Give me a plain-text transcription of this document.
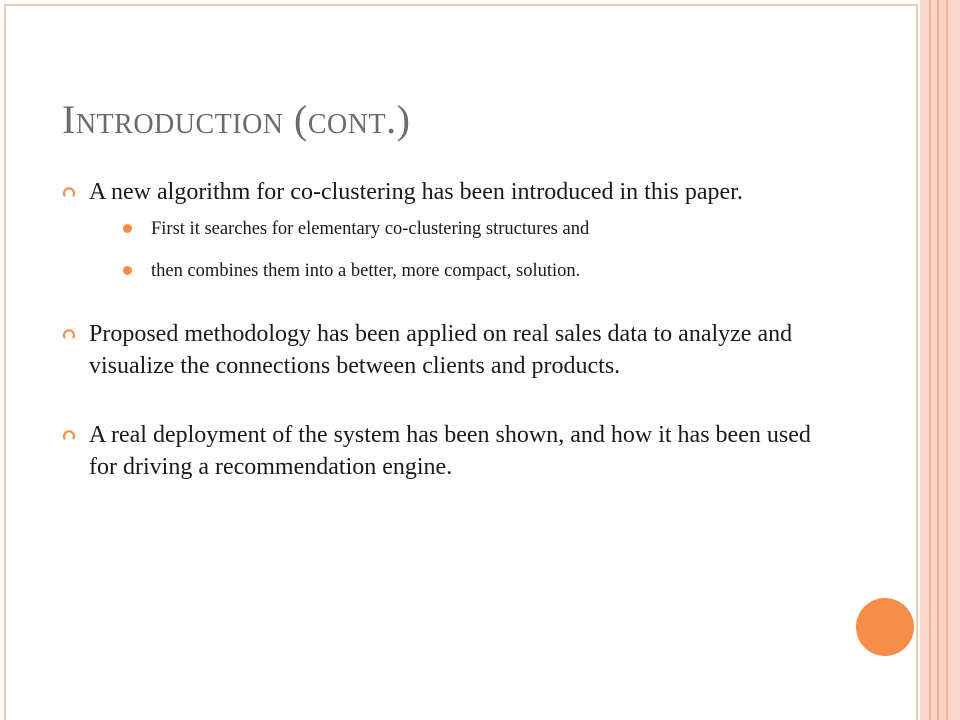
Introduction (cont.)
A new algorithm for co-clustering has been introduced in this paper.
First it searches for elementary co-clustering structures and
then combines them into a better, more compact, solution.
Proposed methodology has been applied on real sales data to analyze and visualize the connections between clients and products.
A real deployment of the system has been shown, and how it has been used for driving a recommendation engine.
